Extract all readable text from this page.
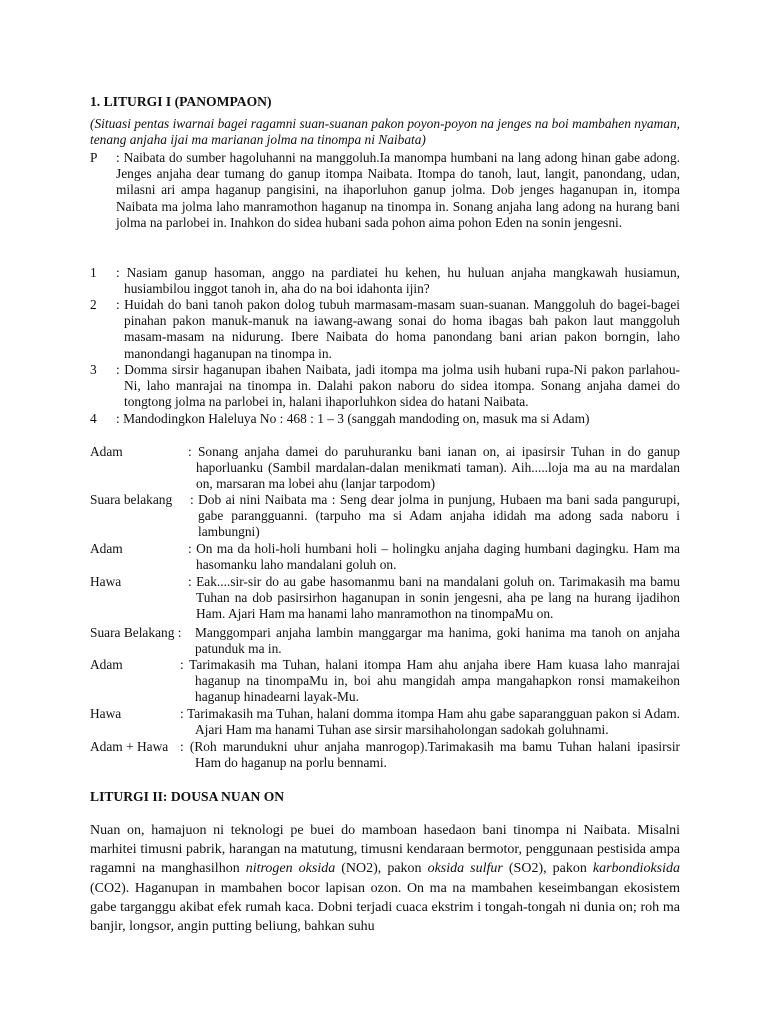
1. LITURGI I (PANOMPAON)
(Situasi pentas iwarnai bagei ragamni suan-suanan pakon poyon-poyon na jenges na boi mambahen nyaman, tenang anjaha ijai ma marianan jolma na tinompa ni Naibata)
P	: Naibata do sumber hagoluhanni na manggoluh.Ia manompa humbani na lang adong hinan gabe adong. Jenges anjaha dear tumang do ganup itompa Naibata. Itompa do tanoh, laut, langit, panondang, udan, milasni ari ampa haganup pangisini, na ihaporluhon ganup jolma. Dob jenges haganupan in, itompa Naibata ma jolma laho manramothon haganup na tinompa in. Sonang anjaha lang adong na hurang bani jolma na parlobei in. Inahkon do sidea hubani sada pohon aima pohon Eden na sonin jengesni.
1	: Nasiam ganup hasoman, anggo na pardiatei hu kehen, hu huluan anjaha mangkawah husiamun, husiambilou inggot tanoh in, aha do na boi idahonta ijin?
2	: Huidah do bani tanoh pakon dolog tubuh marmasam-masam suan-suanan. Manggoluh do bagei-bagei pinahan pakon manuk-manuk na iawang-awang sonai do homa ibagas bah pakon laut manggoluh masam-masam na nidurung. Ibere Naibata do homa panondang bani arian pakon borngin, laho manondangi haganupan na tinompa in.
3	: Domma sirsir haganupan ibahen Naibata, jadi itompa ma jolma usih hubani rupa-Ni pakon parlahou-Ni, laho manrajai na tinompa in. Dalahi pakon naboru do sidea itompa. Sonang anjaha damei do tongtong jolma na parlobei in, halani ihaporluhkon sidea do hatani Naibata.
4	: Mandodingkon Haleluya No : 468 : 1 – 3 (sanggah mandoding on, masuk ma si Adam)
Adam	: Sonang anjaha damei do paruhuranku bani ianan on, ai ipasirsir Tuhan in do ganup haporluanku (Sambil mardalan-dalan menikmati taman). Aih.....loja ma au na mardalan on, marsaran ma lobei ahu (lanjar tarpodom)
Suara belakang : Dob ai nini Naibata ma : Seng dear jolma in punjung, Hubaen ma bani sada pangurupi, gabe parangguanni. (tarpuho ma si Adam anjaha ididah ma adong sada naboru i lambungni)
Adam	: On ma da holi-holi humbani holi – holingku anjaha daging humbani dagingku. Ham ma hasomanku laho mandalani goluh on.
Hawa	: Eak....sir-sir do au gabe hasomanmu bani na mandalani goluh on. Tarimakasih ma bamu Tuhan na dob pasirsirhon haganupan in sonin jengesni, aha pe lang na hurang ijadihon Ham. Ajari Ham ma hanami laho manramothon na tinompaMu on.
Suara Belakang : Manggompari anjaha lambin manggargar ma hanima, goki hanima ma tanoh on anjaha patunduk ma in.
Adam	: Tarimakasih ma Tuhan, halani itompa Ham ahu anjaha ibere Ham kuasa laho manrajai haganup na tinompaMu in, boi ahu mangidah ampa mangahapkon ronsi mamakeihon haganup hinadearni layak-Mu.
Hawa	: Tarimakasih ma Tuhan, halani domma itompa Ham ahu gabe saparangguan pakon si Adam. Ajari Ham ma hanami Tuhan ase sirsir marsihaholongan sadokah goluhnami.
Adam + Hawa : (Roh marundukni uhur anjaha manrogop).Tarimakasih ma bamu Tuhan halani ipasirsir Ham do haganup na porlu bennami.
LITURGI II: DOUSA NUAN ON
Nuan on, hamajuon ni teknologi pe buei do mamboan hasedaon bani tinompa ni Naibata. Misalni marhitei timusni pabrik, harangan na matutung, timusni kendaraan bermotor, penggunaan pestisida ampa ragamni na manghasilhon nitrogen oksida (NO2), pakon oksida sulfur (SO2), pakon karbondioksida (CO2). Haganupan in mambahen bocor lapisan ozon. On ma na mambahen keseimbangan ekosistem gabe targanggu akibat efek rumah kaca. Dobni terjadi cuaca ekstrim i tongah-tongah ni dunia on; roh ma banjir, longsor, angin putting beliung, bahkan suhu
